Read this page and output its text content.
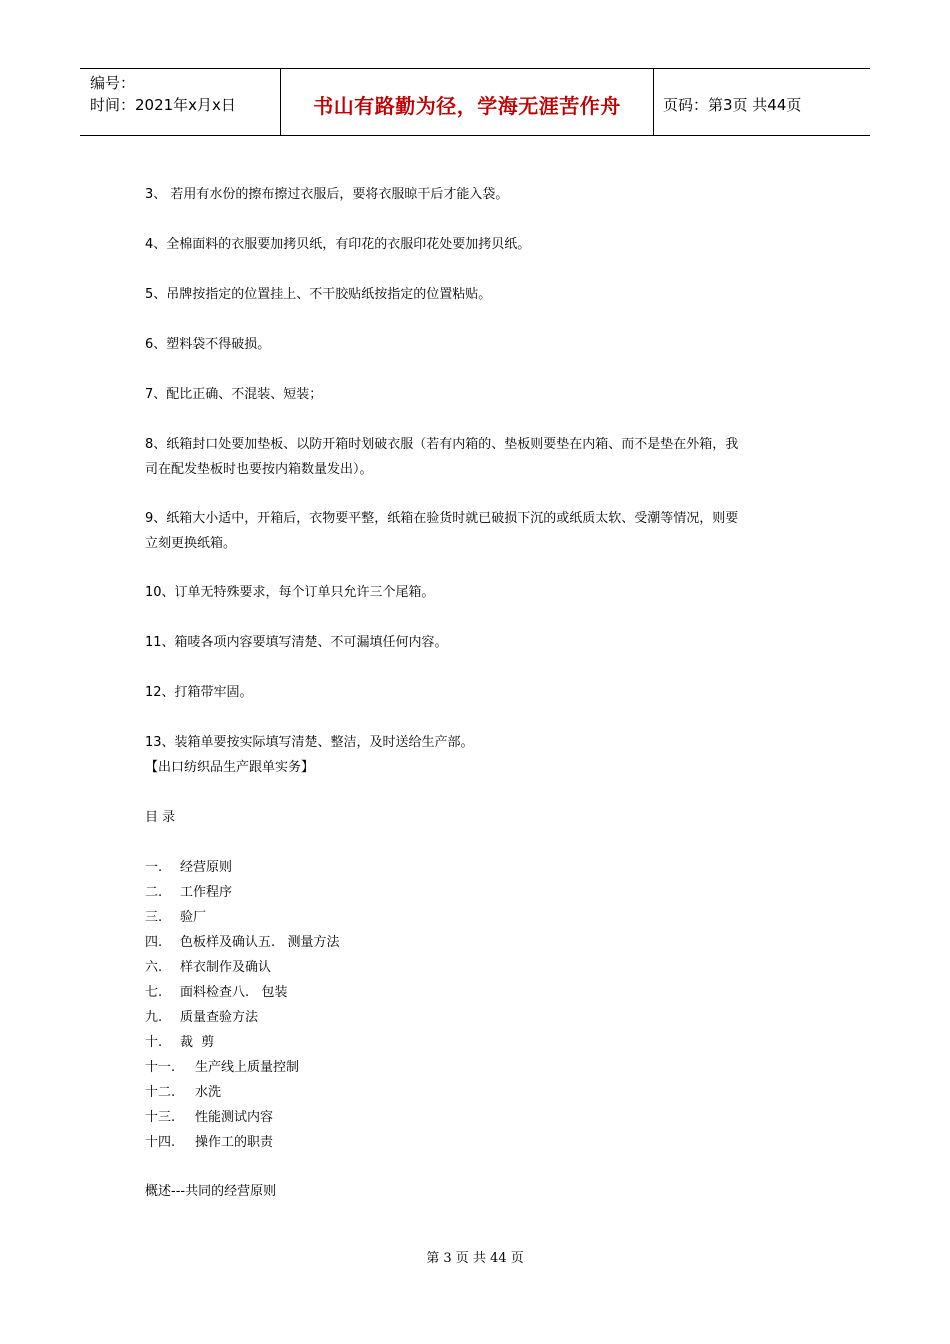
编号：
时间：2021年x月x日	书山有路勤为径，学海无涯苦作舟	页码：第3页 共44页
3、 若用有水份的擦布擦过衣服后，要将衣服晾干后才能入袋。
4、全棉面料的衣服要加拷贝纸，有印花的衣服印花处要加拷贝纸。
5、吊牌按指定的位置挂上、不干胶贴纸按指定的位置粘贴。
6、塑料袋不得破损。
7、配比正确、不混装、短装；
8、纸箱封口处要加垫板、以防开箱时划破衣服（若有内箱的、垫板则要垫在内箱、而不是垫在外箱，我
司在配发垫板时也要按内箱数量发出）。
9、纸箱大小适中，开箱后，衣物要平整，纸箱在验货时就已破损下沉的或纸质太软、受潮等情况，则要
立刻更换纸箱。
10、订单无特殊要求，每个订单只允许三个尾箱。
11、箱唛各项内容要填写清楚、不可漏填任何内容。
12、打箱带牢固。
13、装箱单要按实际填写清楚、整洁，及时送给生产部。
【出口纺织品生产跟单实务】
目 录
一. 经营原则
二. 工作程序
三. 验厂
四. 色板样及确认五.   测量方法
六. 样衣制作及确认
七. 面料检查八.   包装
九. 质量查验方法
十. 裁  剪
十一. 生产线上质量控制
十二. 水洗
十三. 性能测试内容
十四. 操作工的职责
概述---共同的经营原则
第 3 页 共 44 页
